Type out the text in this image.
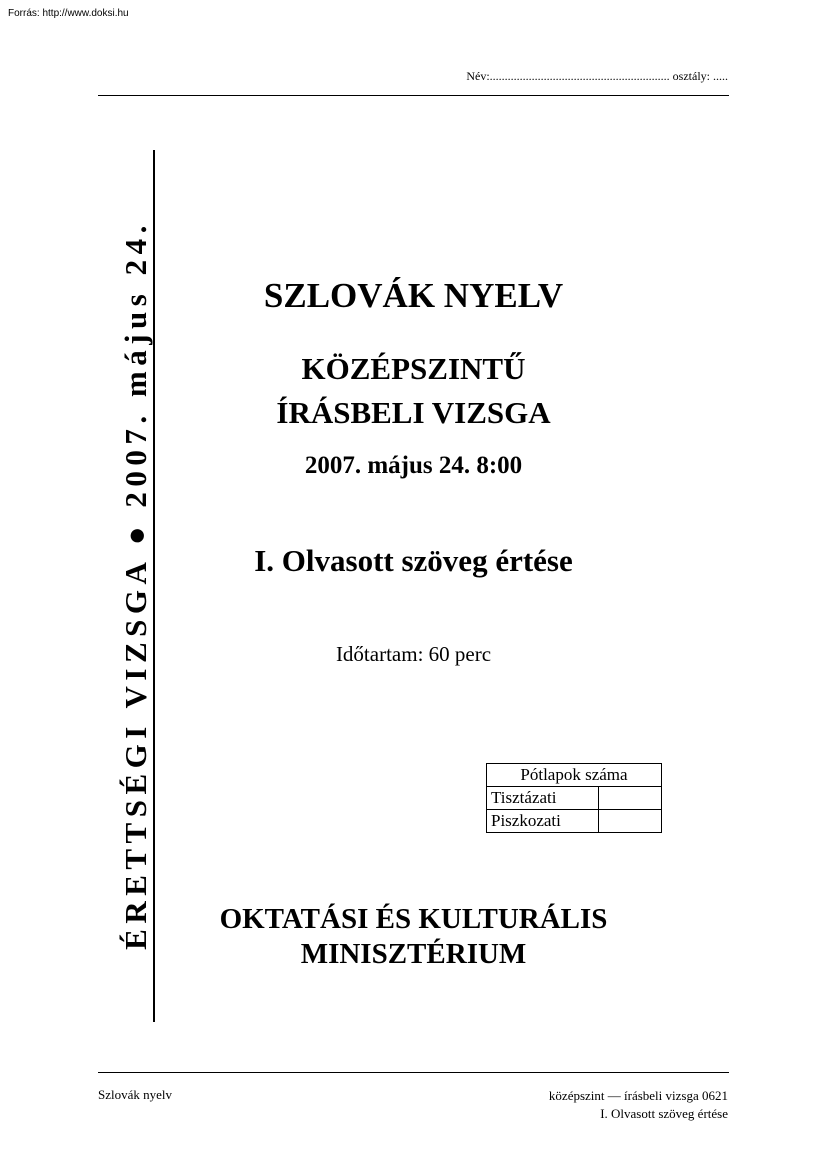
Forrás: http://www.doksi.hu
Név:............................................................ osztály: .....
ÉRETTSÉGI VIZSGA ● 2007. május 24.	SZLOVÁK NYELV
KÖZÉPSZINTŰ
ÍRÁSBELI VIZSGA
2007. május 24. 8:00
I. Olvasott szöveg értése
Időtartam: 60 perc
Pótlapok száma	
Tisztázati	
Piszkozati	
OKTATÁSI ÉS KULTURÁLIS
MINISZTÉRIUM
Szlovák nyelv	középszint — írásbeli vizsga 0621
I. Olvasott szöveg értése
